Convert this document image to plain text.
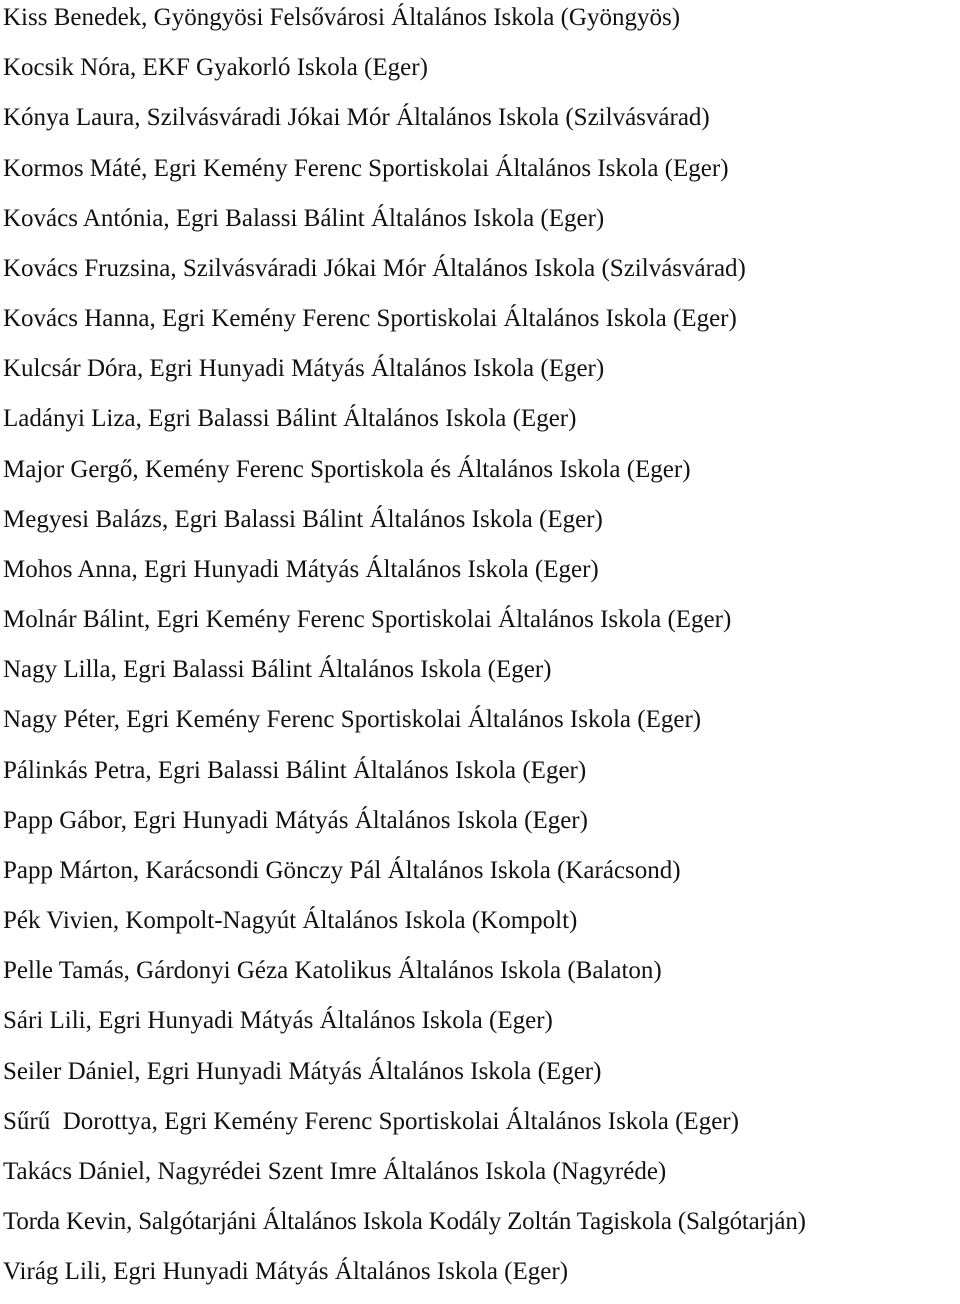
Kiss Benedek, Gyöngyösi Felsővárosi Általános Iskola (Gyöngyös)
Kocsik Nóra, EKF Gyakorló Iskola (Eger)
Kónya Laura, Szilvásváradi Jókai Mór Általános Iskola (Szilvásvárad)
Kormos Máté, Egri Kemény Ferenc Sportiskolai Általános Iskola (Eger)
Kovács Antónia, Egri Balassi Bálint Általános Iskola (Eger)
Kovács Fruzsina, Szilvásváradi Jókai Mór Általános Iskola (Szilvásvárad)
Kovács Hanna, Egri Kemény Ferenc Sportiskolai Általános Iskola (Eger)
Kulcsár Dóra, Egri Hunyadi Mátyás Általános Iskola (Eger)
Ladányi Liza, Egri Balassi Bálint Általános Iskola (Eger)
Major Gergő, Kemény Ferenc Sportiskola és Általános Iskola (Eger)
Megyesi Balázs, Egri Balassi Bálint Általános Iskola (Eger)
Mohos Anna, Egri Hunyadi Mátyás Általános Iskola (Eger)
Molnár Bálint, Egri Kemény Ferenc Sportiskolai Általános Iskola (Eger)
Nagy Lilla, Egri Balassi Bálint Általános Iskola (Eger)
Nagy Péter, Egri Kemény Ferenc Sportiskolai Általános Iskola (Eger)
Pálinkás Petra, Egri Balassi Bálint Általános Iskola (Eger)
Papp Gábor, Egri Hunyadi Mátyás Általános Iskola (Eger)
Papp Márton, Karácsondi Gönczy Pál Általános Iskola (Karácsond)
Pék Vivien, Kompolt-Nagyút Általános Iskola (Kompolt)
Pelle Tamás, Gárdonyi Géza Katolikus Általános Iskola (Balaton)
Sári Lili, Egri Hunyadi Mátyás Általános Iskola (Eger)
Seiler Dániel, Egri Hunyadi Mátyás Általános Iskola (Eger)
Sűrű  Dorottya, Egri Kemény Ferenc Sportiskolai Általános Iskola (Eger)
Takács Dániel, Nagyrédei Szent Imre Általános Iskola (Nagyréde)
Torda Kevin, Salgótarjáni Általános Iskola Kodály Zoltán Tagiskola (Salgótarján)
Virág Lili, Egri Hunyadi Mátyás Általános Iskola (Eger)
